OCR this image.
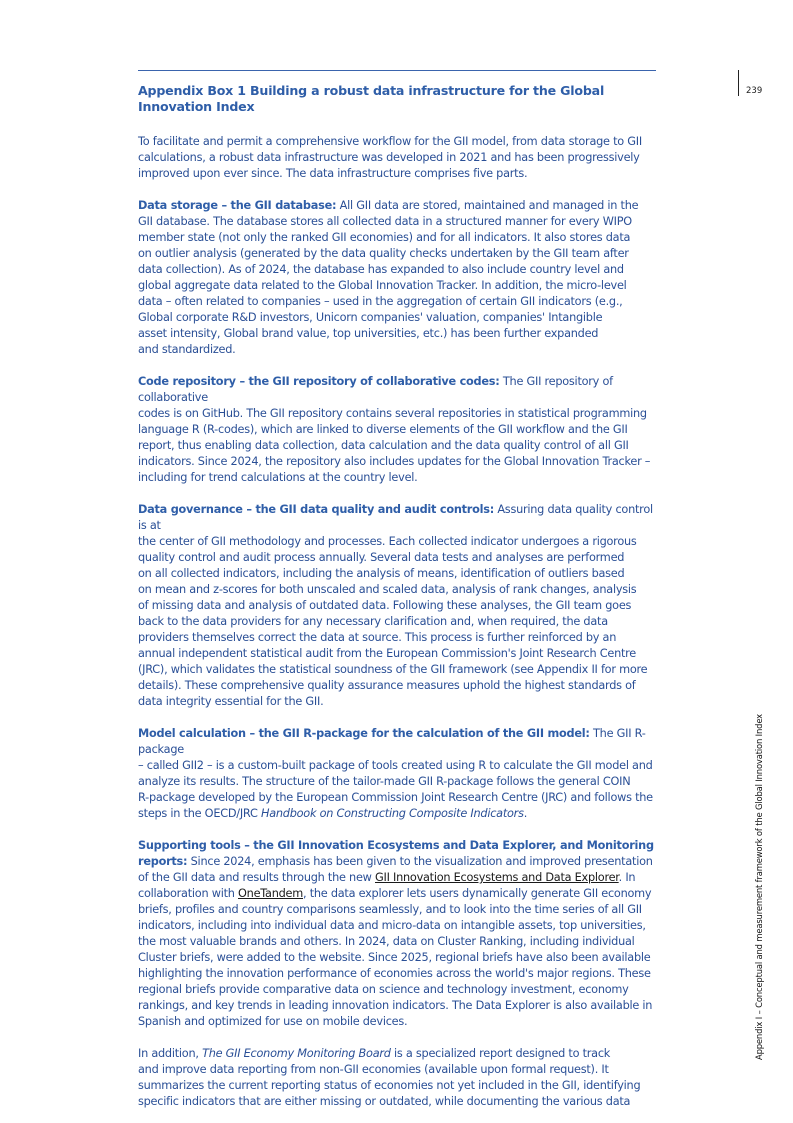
239
Appendix I – Conceptual and measurement framework of the Global Innovation Index
Appendix Box 1 Building a robust data infrastructure for the Global
Innovation Index

To facilitate and permit a comprehensive workflow for the GII model, from data storage to GII
calculations, a robust data infrastructure was developed in 2021 and has been progressively
improved upon ever since. The data infrastructure comprises five parts.

Data storage – the GII database: All GII data are stored, maintained and managed in the
GII database. The database stores all collected data in a structured manner for every WIPO
member state (not only the ranked GII economies) and for all indicators. It also stores data
on outlier analysis (generated by the data quality checks undertaken by the GII team after
data collection). As of 2024, the database has expanded to also include country level and
global aggregate data related to the Global Innovation Tracker. In addition, the micro-level
data – often related to companies – used in the aggregation of certain GII indicators (e.g.,
Global corporate R&D investors, Unicorn companies' valuation, companies' Intangible
asset intensity, Global brand value, top universities, etc.) has been further expanded
and standardized.

Code repository – the GII repository of collaborative codes: The GII repository of collaborative
codes is on GitHub. The GII repository contains several repositories in statistical programming
language R (R-codes), which are linked to diverse elements of the GII workflow and the GII
report, thus enabling data collection, data calculation and the data quality control of all GII
indicators. Since 2024, the repository also includes updates for the Global Innovation Tracker –
including for trend calculations at the country level.

Data governance – the GII data quality and audit controls: Assuring data quality control is at
the center of GII methodology and processes. Each collected indicator undergoes a rigorous
quality control and audit process annually. Several data tests and analyses are performed
on all collected indicators, including the analysis of means, identification of outliers based
on mean and z-scores for both unscaled and scaled data, analysis of rank changes, analysis
of missing data and analysis of outdated data. Following these analyses, the GII team goes
back to the data providers for any necessary clarification and, when required, the data
providers themselves correct the data at source. This process is further reinforced by an
annual independent statistical audit from the European Commission's Joint Research Centre
(JRC), which validates the statistical soundness of the GII framework (see Appendix II for more
details). These comprehensive quality assurance measures uphold the highest standards of
data integrity essential for the GII.

Model calculation – the GII R-package for the calculation of the GII model: The GII R-package
– called GII2 – is a custom-built package of tools created using R to calculate the GII model and
analyze its results. The structure of the tailor-made GII R-package follows the general COIN
R-package developed by the European Commission Joint Research Centre (JRC) and follows the
steps in the OECD/JRC Handbook on Constructing Composite Indicators.

Supporting tools – the GII Innovation Ecosystems and Data Explorer, and Monitoring
reports: Since 2024, emphasis has been given to the visualization and improved presentation
of the GII data and results through the new GII Innovation Ecosystems and Data Explorer. In
collaboration with OneTandem, the data explorer lets users dynamically generate GII economy
briefs, profiles and country comparisons seamlessly, and to look into the time series of all GII
indicators, including into individual data and micro-data on intangible assets, top universities,
the most valuable brands and others. In 2024, data on Cluster Ranking, including individual
Cluster briefs, were added to the website. Since 2025, regional briefs have also been available
highlighting the innovation performance of economies across the world's major regions. These
regional briefs provide comparative data on science and technology investment, economy
rankings, and key trends in leading innovation indicators. The Data Explorer is also available in
Spanish and optimized for use on mobile devices.

In addition, The GII Economy Monitoring Board is a specialized report designed to track
and improve data reporting from non-GII economies (available upon formal request). It
summarizes the current reporting status of economies not yet included in the GII, identifying
specific indicators that are either missing or outdated, while documenting the various data
